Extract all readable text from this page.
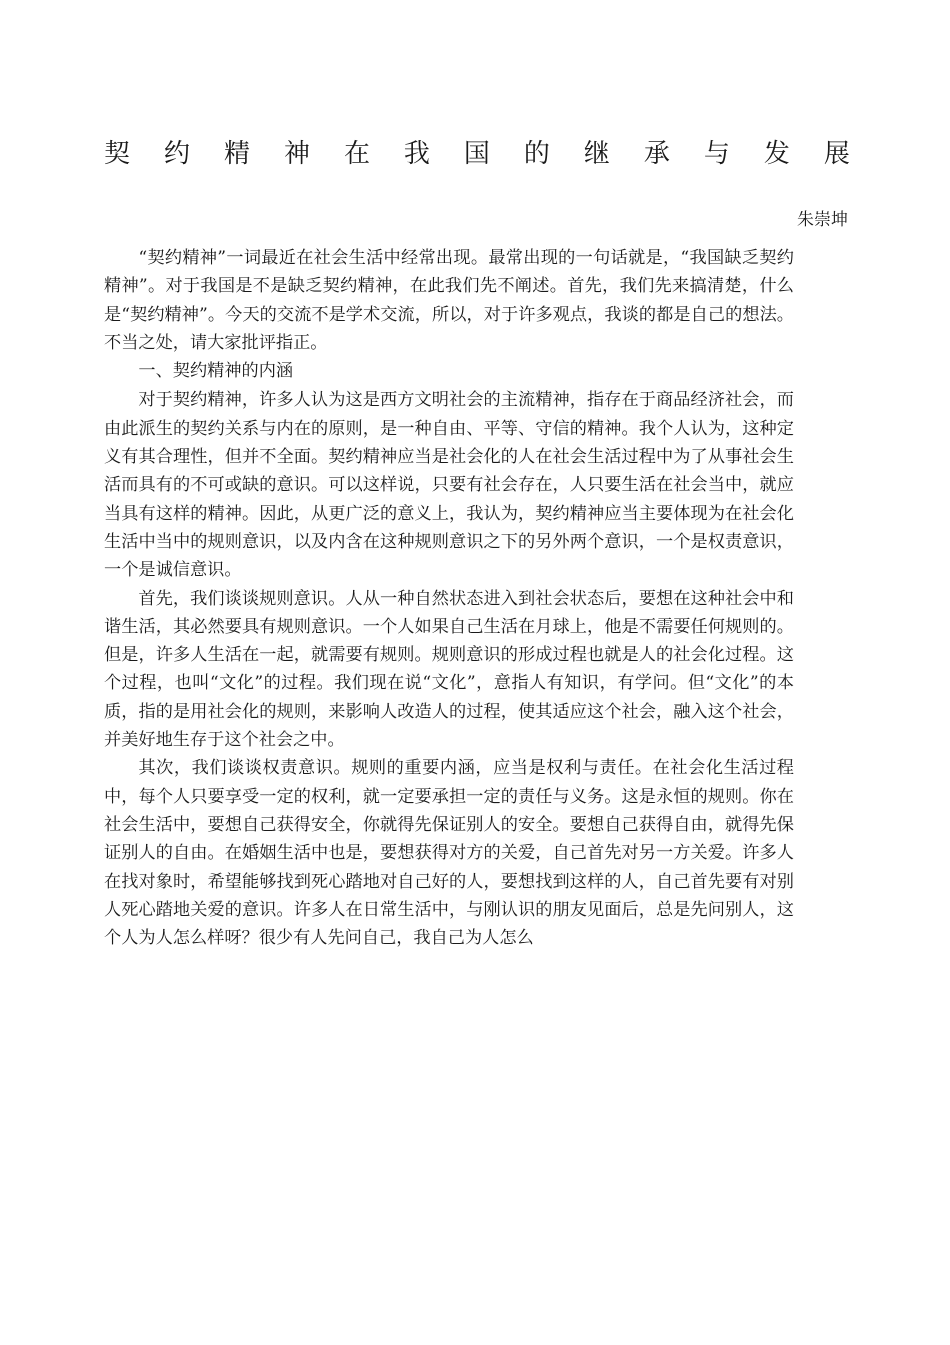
契 约 精 神 在 我 国 的 继 承 与 发 展
朱崇坤

“契约精神”一词最近在社会生活中经常出现。最常出现的一句话就是，“我国缺乏契约精神”。对于我国是不是缺乏契约精神，在此我们先不阐述。首先，我们先来搞清楚，什么是“契约精神”。今天的交流不是学术交流，所以，对于许多观点，我谈的都是自己的想法。不当之处，请大家批评指正。

一、契约精神的内涵

对于契约精神，许多人认为这是西方文明社会的主流精神，指存在于商品经济社会，而由此派生的契约关系与内在的原则，是一种自由、平等、守信的精神。我个人认为，这种定义有其合理性，但并不全面。契约精神应当是社会化的人在社会生活过程中为了从事社会生活而具有的不可或缺的意识。可以这样说，只要有社会存在，人只要生活在社会当中，就应当具有这样的精神。因此，从更广泛的意义上，我认为，契约精神应当主要体现为在社会化生活中当中的规则意识，以及内含在这种规则意识之下的另外两个意识，一个是权责意识，一个是诚信意识。

首先，我们谈谈规则意识。人从一种自然状态进入到社会状态后，要想在这种社会中和谐生活，其必然要具有规则意识。一个人如果自己生活在月球上，他是不需要任何规则的。但是，许多人生活在一起，就需要有规则。规则意识的形成过程也就是人的社会化过程。这个过程，也叫“文化”的过程。我们现在说“文化”，意指人有知识，有学问。但“文化”的本质，指的是用社会化的规则，来影响人改造人的过程，使其适应这个社会，融入这个社会，并美好地生存于这个社会之中。

其次，我们谈谈权责意识。规则的重要内涵，应当是权利与责任。在社会化生活过程中，每个人只要享受一定的权利，就一定要承担一定的责任与义务。这是永恒的规则。你在社会生活中，要想自己获得安全，你就得先保证别人的安全。要想自己获得自由，就得先保证别人的自由。在婚姻生活中也是，要想获得对方的关爱，自己首先对另一方关爱。许多人在找对象时，希望能够找到死心踏地对自己好的人，要想找到这样的人，自己首先要有对别人死心踏地关爱的意识。许多人在日常生活中，与刚认识的朋友见面后，总是先问别人，这个人为人怎么样呀？很少有人先问自己，我自己为人怎么
